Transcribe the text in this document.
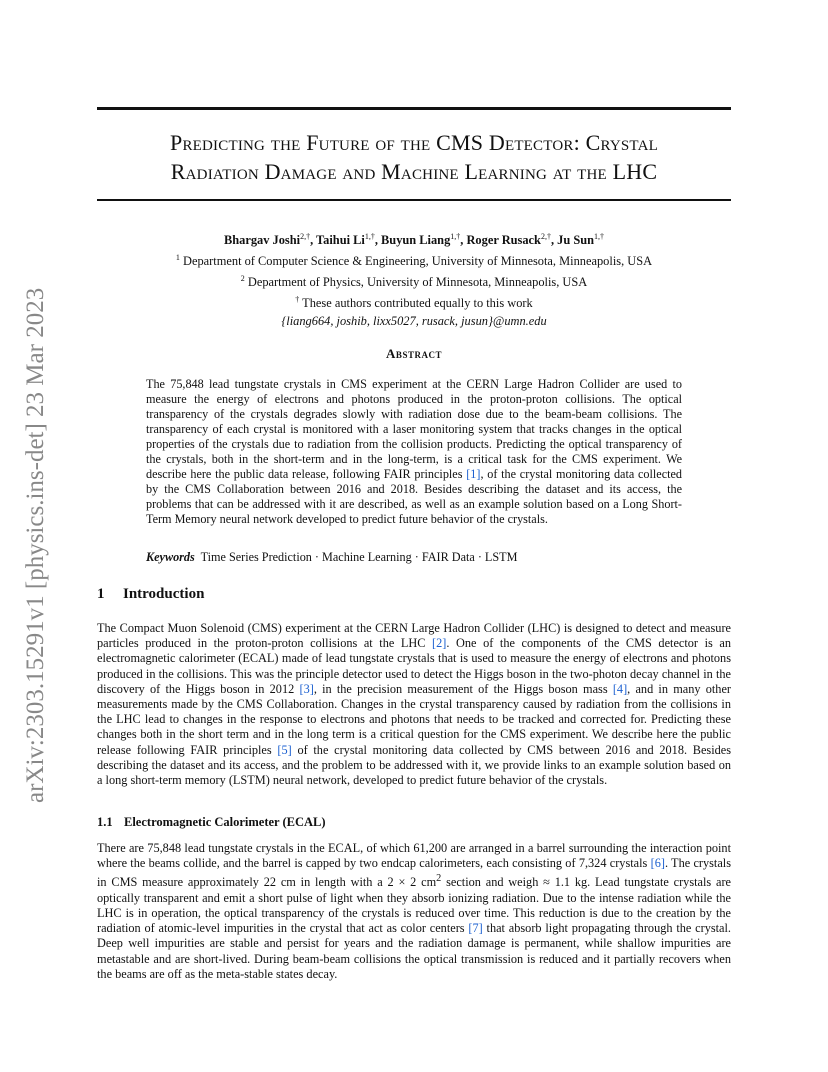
arXiv:2303.15291v1 [physics.ins-det] 23 Mar 2023
Predicting the Future of the CMS Detector: Crystal
Radiation Damage and Machine Learning at the LHC
Bhargav Joshi$^{2,\dagger}$, Taihui $Li^{1,\dagger}$, Buyun Liang$^{1,\dagger}$, Roger Rusack$^{2,\dagger}$, Ju Sun$^{1,\dagger}$
$^1$ Department of Computer Science & Engineering, University of Minnesota, Minneapolis, USA
$^2$ Department of Physics, University of Minnesota, Minneapolis, USA
† These authors contributed equally to this work
{liang664, joshib, lixx5027, rusack, jusun}@umn.edu
Abstract
The 75,848 lead tungstate crystals in CMS experiment at the CERN Large Hadron Collider are used to measure the energy of electrons and photons produced in the proton-proton collisions. The optical transparency of the crystals degrades slowly with radiation dose due to the beam-beam collisions. The transparency of each crystal is monitored with a laser monitoring system that tracks changes in the optical properties of the crystals due to radiation from the collision products. Predicting the optical transparency of the crystals, both in the short-term and in the long-term, is a critical task for the CMS experiment. We describe here the public data release, following FAIR principles [1], of the crystal monitoring data collected by the CMS Collaboration between 2016 and 2018. Besides describing the dataset and its access, the problems that can be addressed with it are described, as well as an example solution based on a Long Short-Term Memory neural network developed to predict future behavior of the crystals.
Keywords Time Series Prediction · Machine Learning · FAIR Data · LSTM
1 Introduction
The Compact Muon Solenoid (CMS) experiment at the CERN Large Hadron Collider (LHC) is designed to detect and measure particles produced in the proton-proton collisions at the LHC [2]. One of the components of the CMS detector is an electromagnetic calorimeter (ECAL) made of lead tungstate crystals that is used to measure the energy of electrons and photons produced in the collisions. This was the principle detector used to detect the Higgs boson in the two-photon decay channel in the discovery of the Higgs boson in 2012 [3], in the precision measurement of the Higgs boson mass [4], and in many other measurements made by the CMS Collaboration. Changes in the crystal transparency caused by radiation from the collisions in the LHC lead to changes in the response to electrons and photons that needs to be tracked and corrected for. Predicting these changes both in the short term and in the long term is a critical question for the CMS experiment. We describe here the public release following FAIR principles [5] of the crystal monitoring data collected by CMS between 2016 and 2018. Besides describing the dataset and its access, and the problem to be addressed with it, we provide links to an example solution based on a long short-term memory (LSTM) neural network, developed to predict future behavior of the crystals.
1.1 Electromagnetic Calorimeter (ECAL)
There are 75,848 lead tungstate crystals in the ECAL, of which 61,200 are arranged in a barrel surrounding the interaction point where the beams collide, and the barrel is capped by two endcap calorimeters, each consisting of 7,324 crystals [6]. The crystals in CMS measure approximately 22 cm in length with a 2 × 2 $cm^2$ section and weigh ≈ 1.1 kg. Lead tungstate crystals are optically transparent and emit a short pulse of light when they absorb ionizing radiation. Due to the intense radiation while the LHC is in operation, the optical transparency of the crystals is reduced over time. This reduction is due to the creation by the radiation of atomic-level impurities in the crystal that act as color centers [7] that absorb light propagating through the crystal. Deep well impurities are stable and persist for years and the radiation damage is permanent, while shallow impurities are metastable and are short-lived. During beam-beam collisions the optical transmission is reduced and it partially recovers when the beams are off as the meta-stable states decay.
